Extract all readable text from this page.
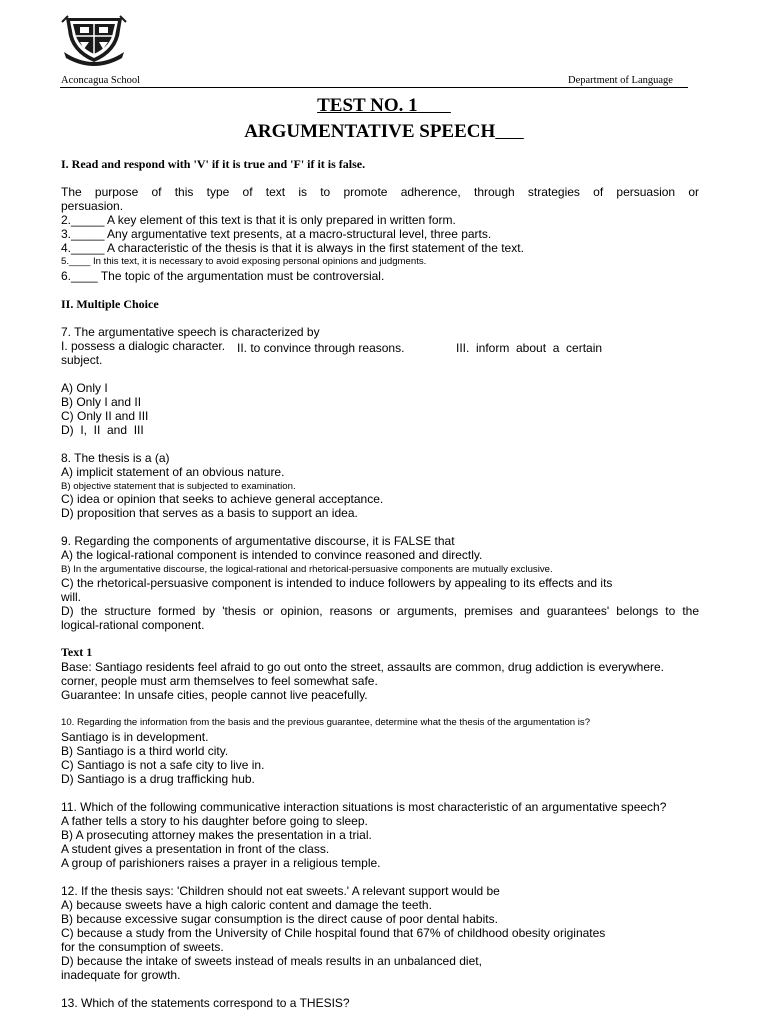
Aconcagua School	Department of Language
TEST NO. 1
ARGUMENTATIVE SPEECH
I. Read and respond with 'V' if it is true and 'F' if it is false.
The purpose of this type of text is to promote adherence, through strategies of persuasion or
persuasion.
2._____ A key element of this text is that it is only prepared in written form.
3._____ Any argumentative text presents, at a macro-structural level, three parts.
4._____ A characteristic of the thesis is that it is always in the first statement of the text.
5.____ In this text, it is necessary to avoid exposing personal opinions and judgments.
6.____ The topic of the argumentation must be controversial.
II. Multiple Choice
7. The argumentative speech is characterized by
I. possess a dialogic character. II. to convince through reasons.	III.  inform  about  a  certain
subject.
A) Only I
B) Only I and II
C) Only II and III
D)  I,  II  and  III
8. The thesis is a (a)
A) implicit statement of an obvious nature.
B) objective statement that is subjected to examination.
C) idea or opinion that seeks to achieve general acceptance.
D) proposition that serves as a basis to support an idea.
9. Regarding the components of argumentative discourse, it is FALSE that
A) the logical-rational component is intended to convince reasoned and directly.
B) In the argumentative discourse, the logical-rational and rhetorical-persuasive components are mutually exclusive.
C) the rhetorical-persuasive component is intended to induce followers by appealing to its effects and its
will.
D) the structure formed by 'thesis or opinion, reasons or arguments, premises and guarantees' belongs to the
logical-rational component.
Text 1
Base: Santiago residents feel afraid to go out onto the street, assaults are common, drug addiction is everywhere.
corner, people must arm themselves to feel somewhat safe.
Guarantee: In unsafe cities, people cannot live peacefully.
10. Regarding the information from the basis and the previous guarantee, determine what the thesis of the argumentation is?
Santiago is in development.
B) Santiago is a third world city.
C) Santiago is not a safe city to live in.
D) Santiago is a drug trafficking hub.
11. Which of the following communicative interaction situations is most characteristic of an argumentative speech?
A father tells a story to his daughter before going to sleep.
B) A prosecuting attorney makes the presentation in a trial.
A student gives a presentation in front of the class.
A group of parishioners raises a prayer in a religious temple.
12. If the thesis says: 'Children should not eat sweets.' A relevant support would be
A) because sweets have a high caloric content and damage the teeth.
B) because excessive sugar consumption is the direct cause of poor dental habits.
C) because a study from the University of Chile hospital found that 67% of childhood obesity originates
for the consumption of sweets.
D) because the intake of sweets instead of meals results in an unbalanced diet,
inadequate for growth.
13. Which of the statements correspond to a THESIS?
